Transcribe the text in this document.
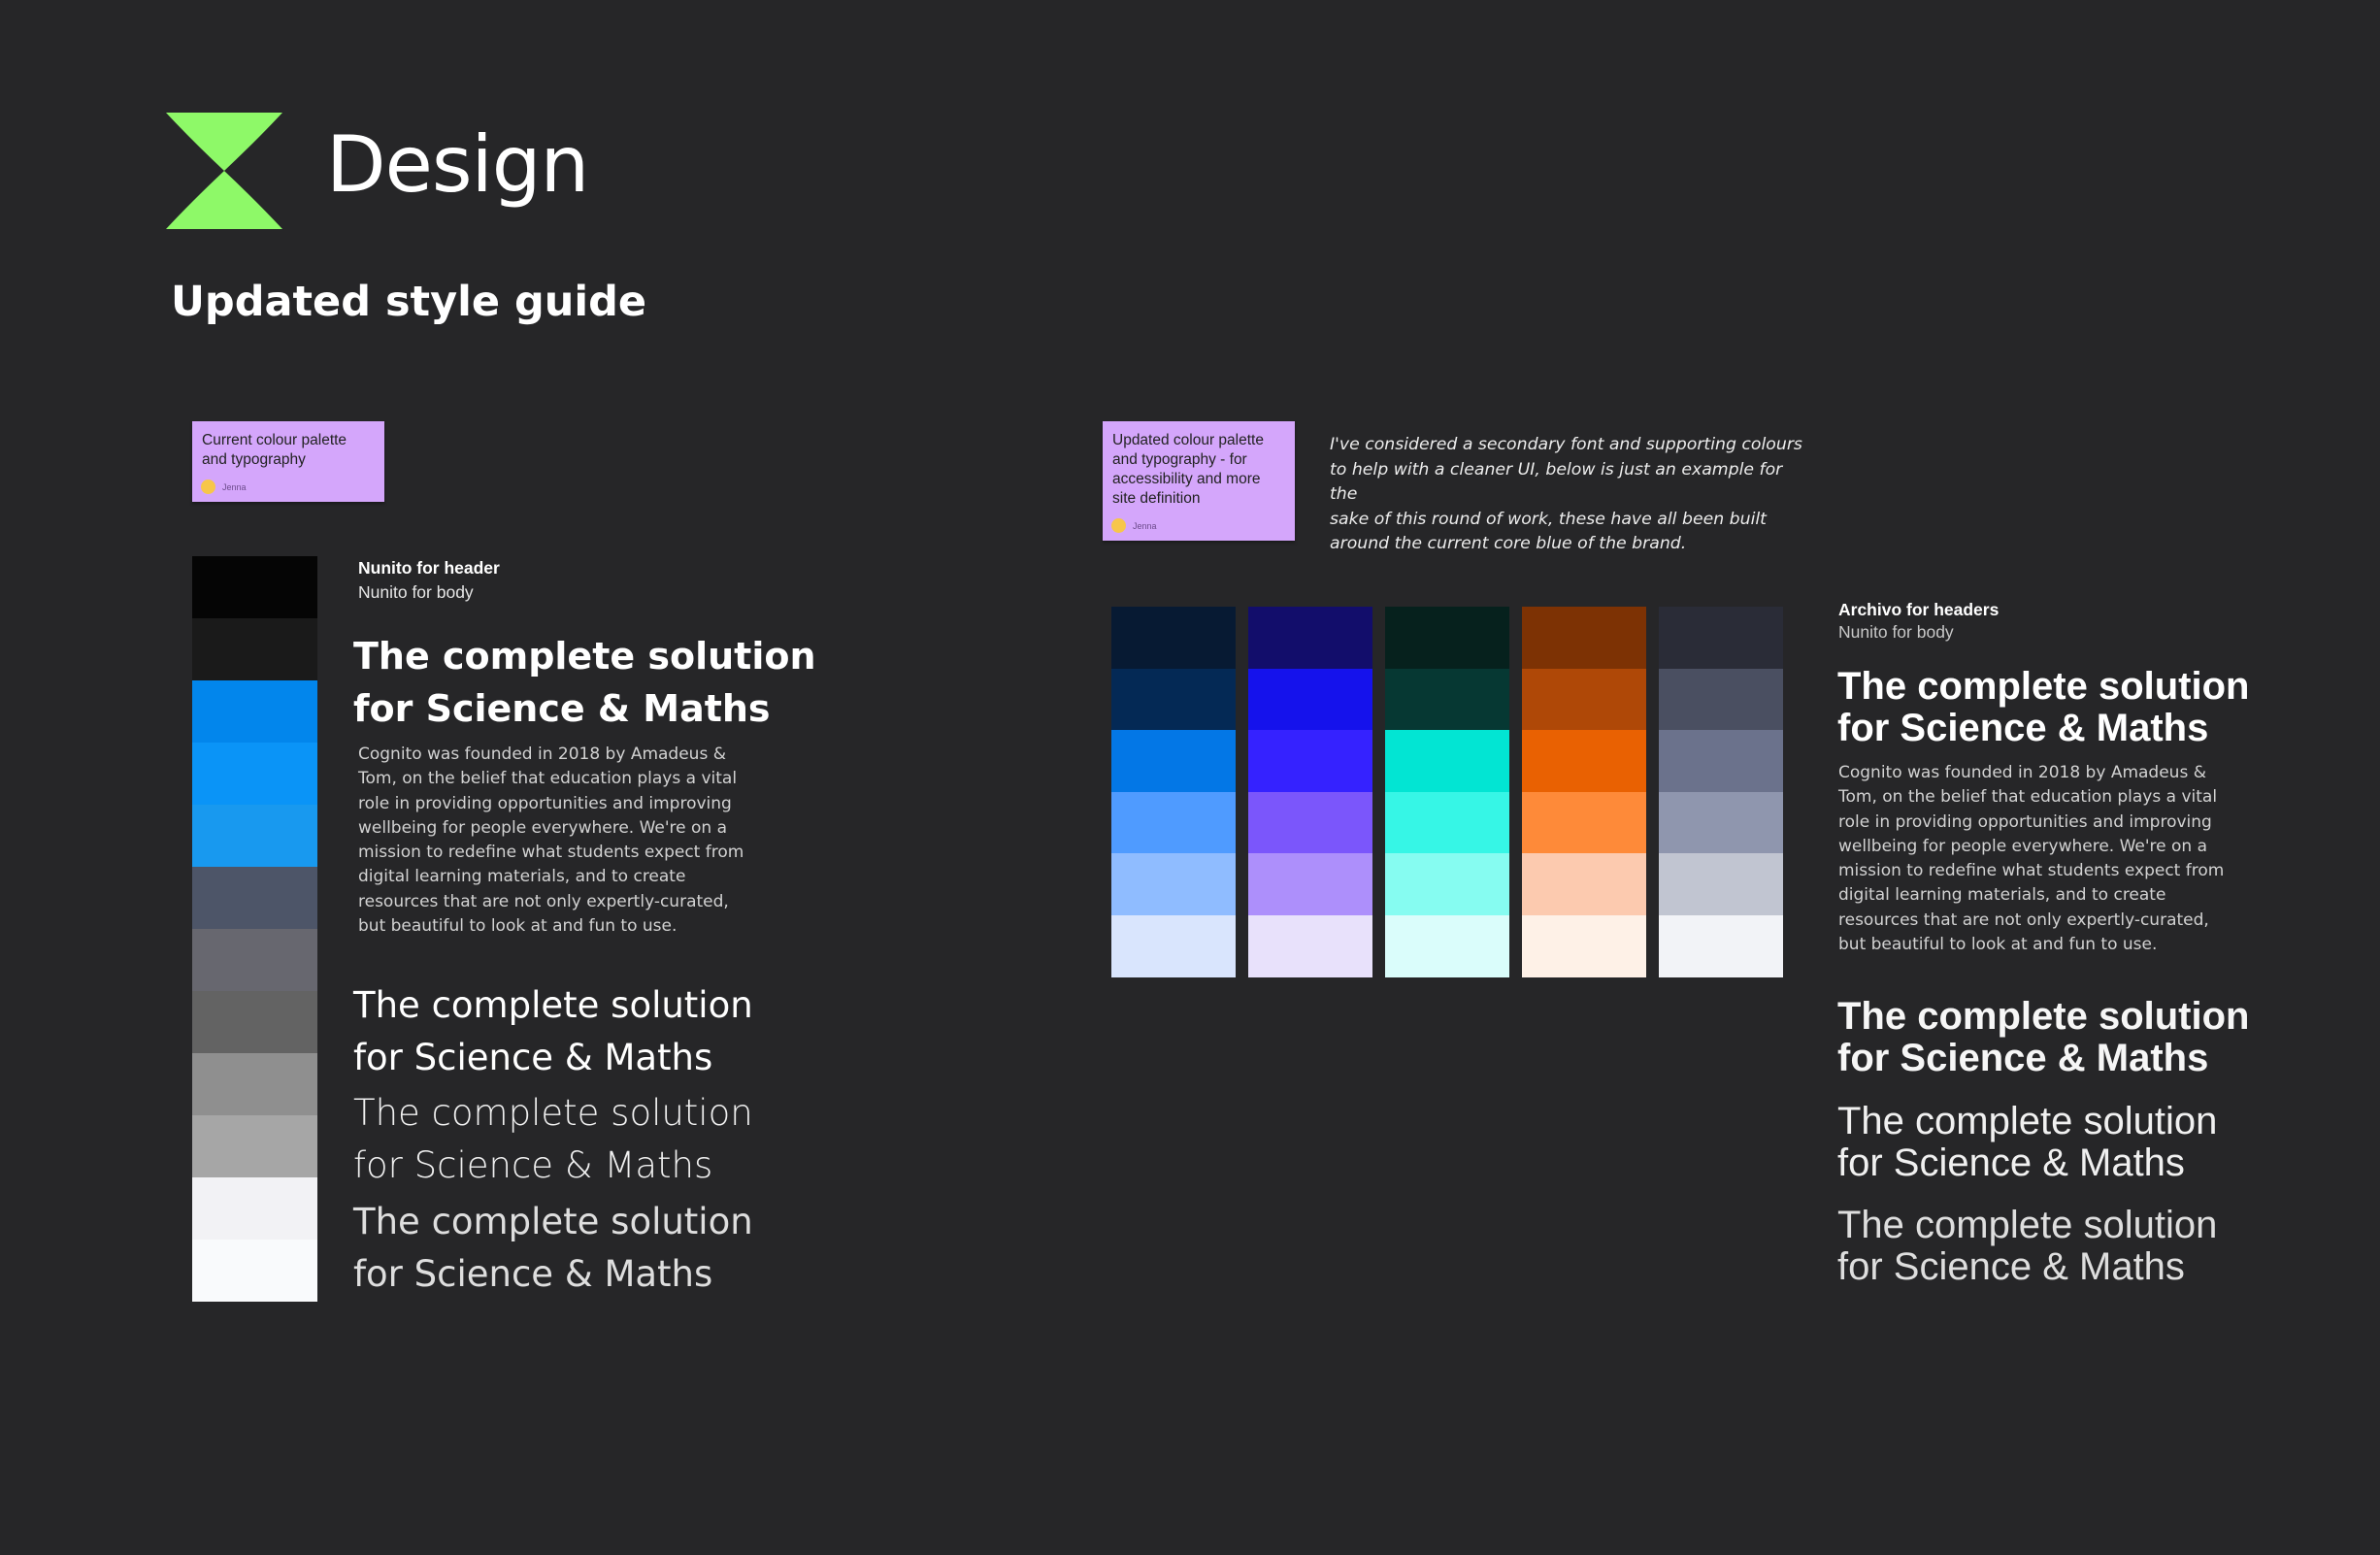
Design
Updated style guide
Current colour palette
and typography
Jenna
Nunito for header
Nunito for body
The complete solution
for Science & Maths
Cognito was founded in 2018 by Amadeus &
Tom, on the belief that education plays a vital
role in providing opportunities and improving
wellbeing for people everywhere. We're on a
mission to redefine what students expect from
digital learning materials, and to create
resources that are not only expertly-curated,
but beautiful to look at and fun to use.
The complete solution
for Science & Maths
The complete solution
for Science & Maths
The complete solution
for Science & Maths
Updated colour palette
and typography - for
accessibility and more
site definition
Jenna
I've considered a secondary font and supporting colours
to help with a cleaner UI, below is just an example for the
sake of this round of work, these have all been built
around the current core blue of the brand.
Archivo for headers
Nunito for body
The complete solution
for Science & Maths
Cognito was founded in 2018 by Amadeus &
Tom, on the belief that education plays a vital
role in providing opportunities and improving
wellbeing for people everywhere. We're on a
mission to redefine what students expect from
digital learning materials, and to create
resources that are not only expertly-curated,
but beautiful to look at and fun to use.
The complete solution
for Science & Maths
The complete solution
for Science & Maths
The complete solution
for Science & Maths
